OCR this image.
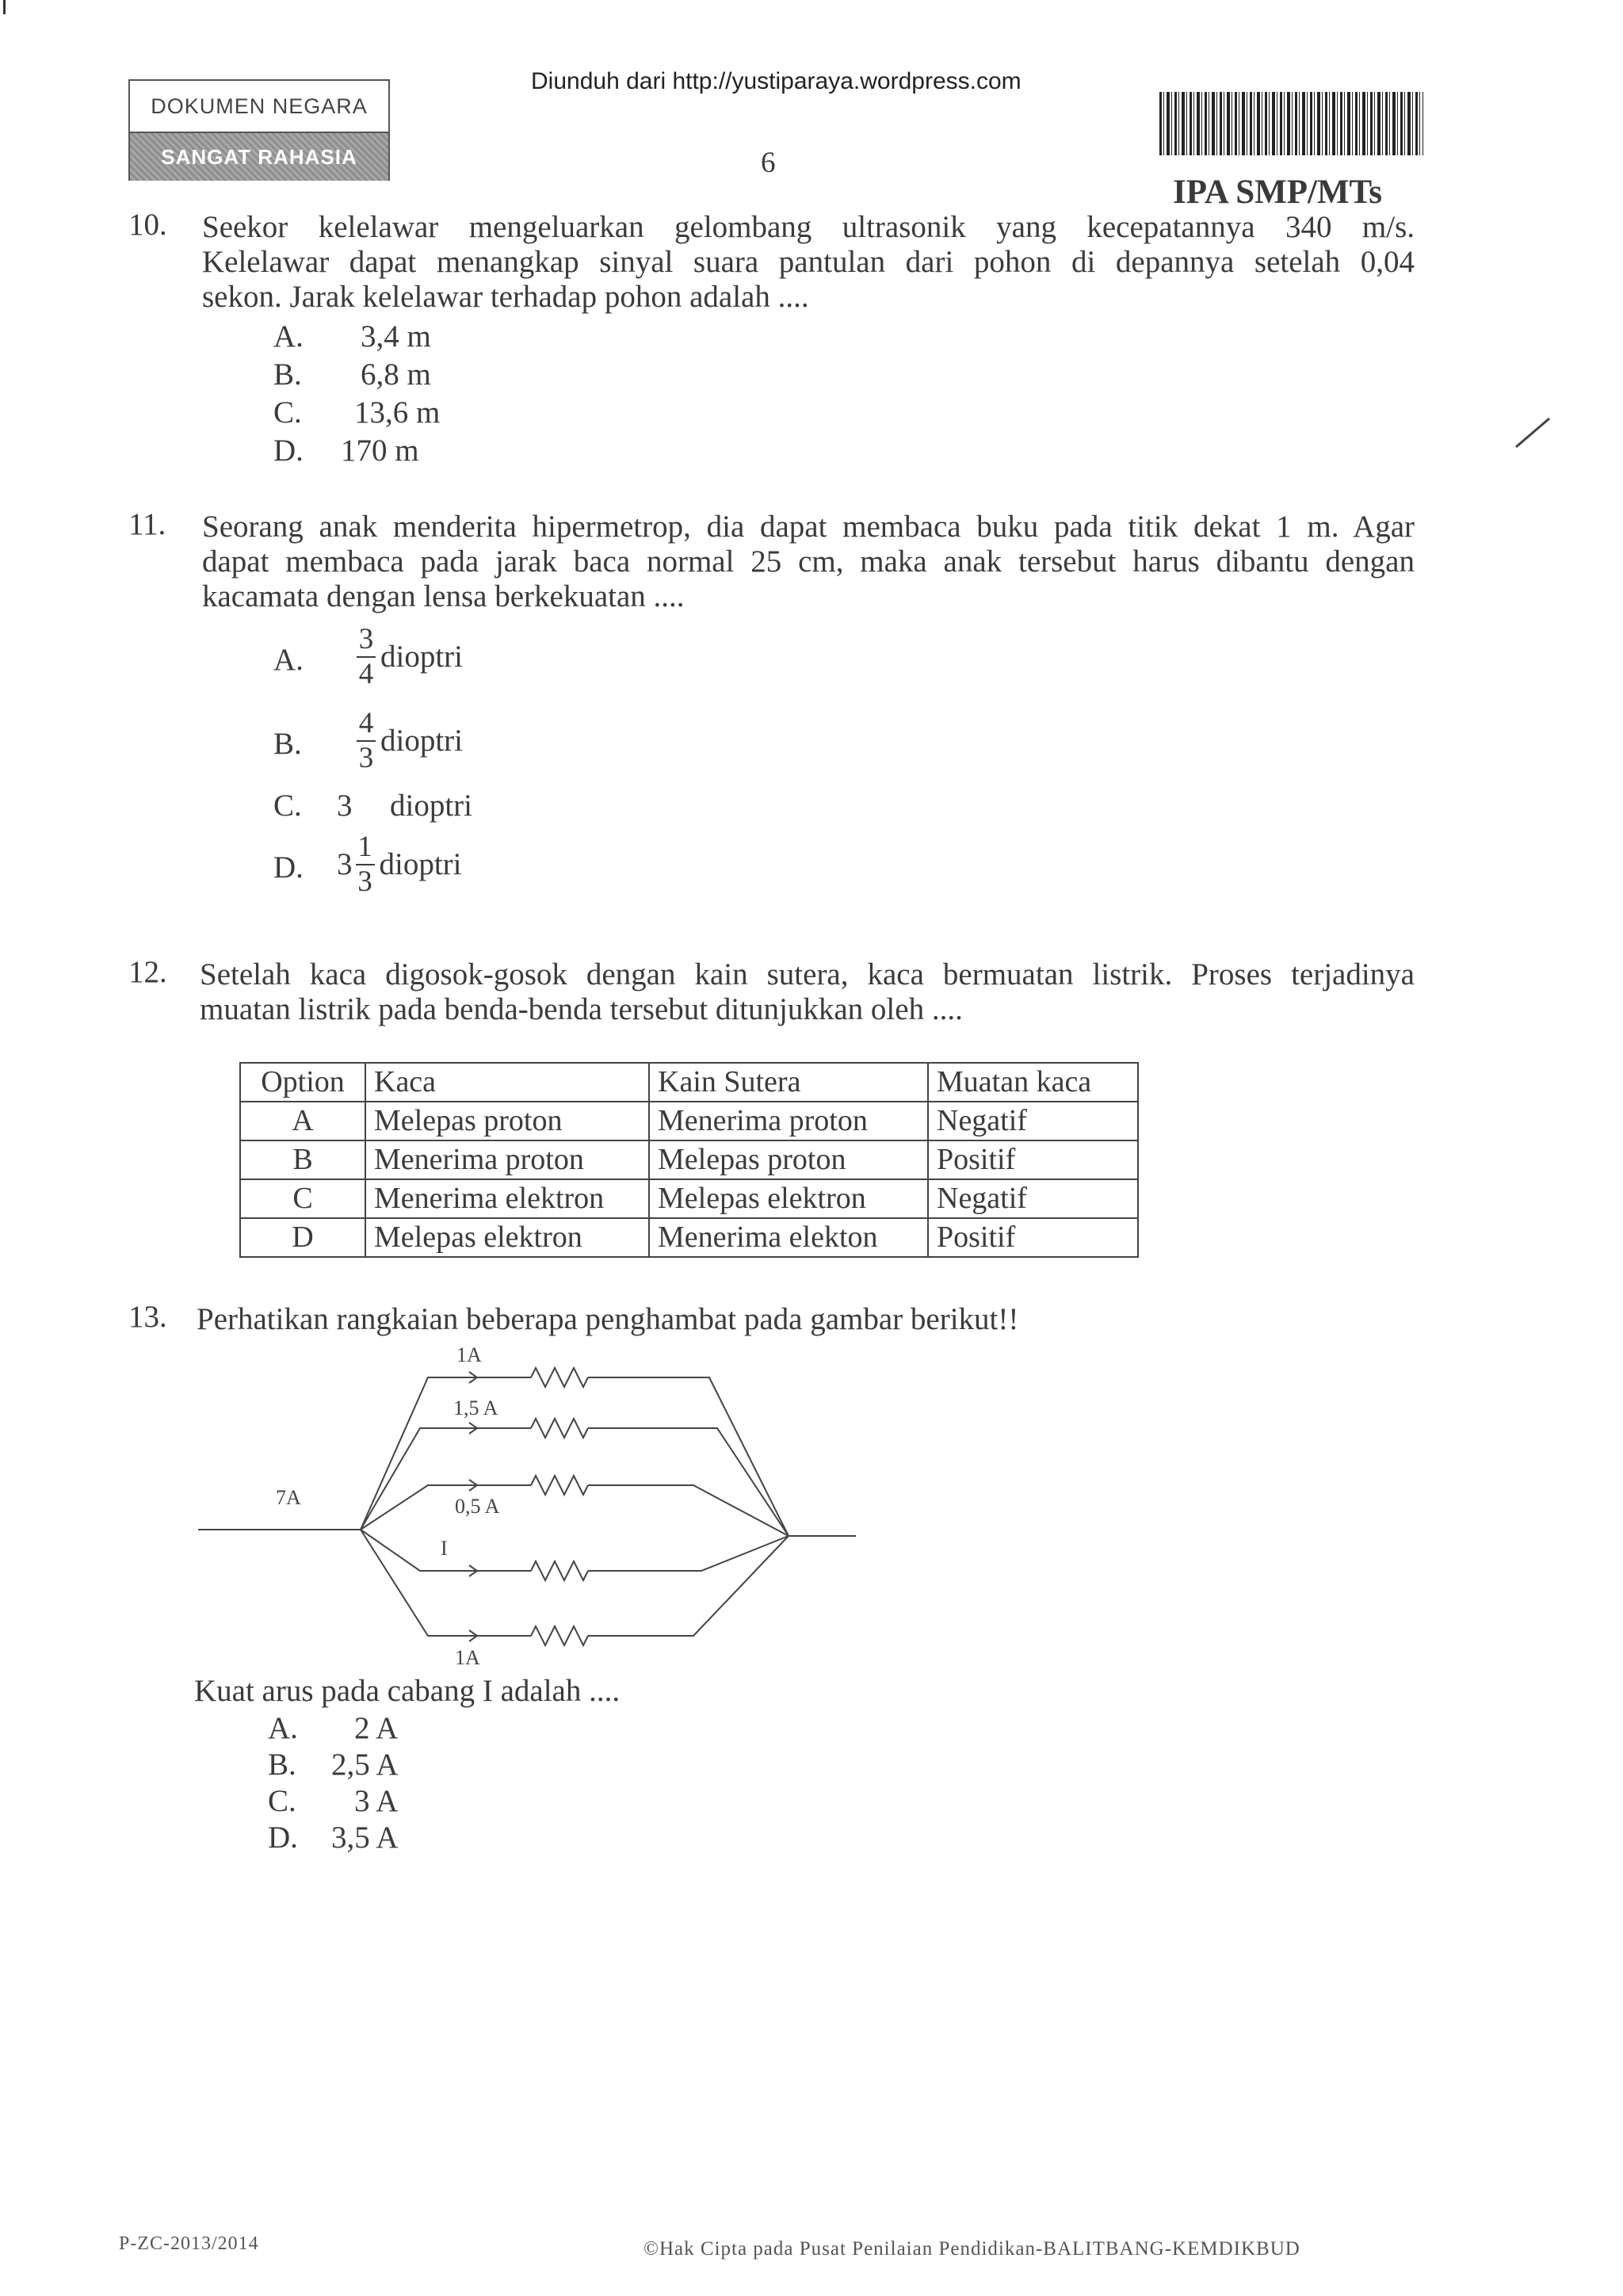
Diunduh dari http://yustiparaya.wordpress.com
DOKUMEN NEGARA
SANGAT RAHASIA	6
IPA SMP/MTs
10. Seekor kelelawar mengeluarkan gelombang ultrasonik yang kecepatannya 340 m/s.
Kelelawar dapat menangkap sinyal suara pantulan dari pohon di depannya setelah 0,04
sekon. Jarak kelelawar terhadap pohon adalah ....
A. 3,4 m
B. 6,8 m
C. 13,6 m
D. 170 m
11. Seorang anak menderita hipermetrop, dia dapat membaca buku pada titik dekat 1 m. Agar
dapat membaca pada jarak baca normal 25 cm, maka anak tersebut harus dibantu dengan
kacamata dengan lensa berkekuatan ....
A. $\frac{3}{4}$ dioptri
B. $\frac{4}{3}$ dioptri
C. 3 dioptri
D. $3 \frac{1}{3}$ dioptri
12. Setelah kaca digosok-gosok dengan kain sutera, kaca bermuatan listrik. Proses terjadinya
muatan listrik pada benda-benda tersebut ditunjukkan oleh ....
Option	Kaca	Kain Sutera	Muatan kaca
A	Melepas proton	Menerima proton	Negatif
B	Menerima proton	Melepas proton	Positif
C	Menerima elektron	Melepas elektron	Negatif
D	Melepas elektron	Menerima elekton	Positif
13. Perhatikan rangkaian beberapa penghambat pada gambar berikut!!
7A
1A
1,5 A
0,5 A
I
1A
Kuat arus pada cabang I adalah ....
A. 2 A
B. 2,5 A
C. 3 A
D. 3,5 A
P-ZC-2013/2014	©Hak Cipta pada Pusat Penilaian Pendidikan-BALITBANG-KEMDIKBUD
